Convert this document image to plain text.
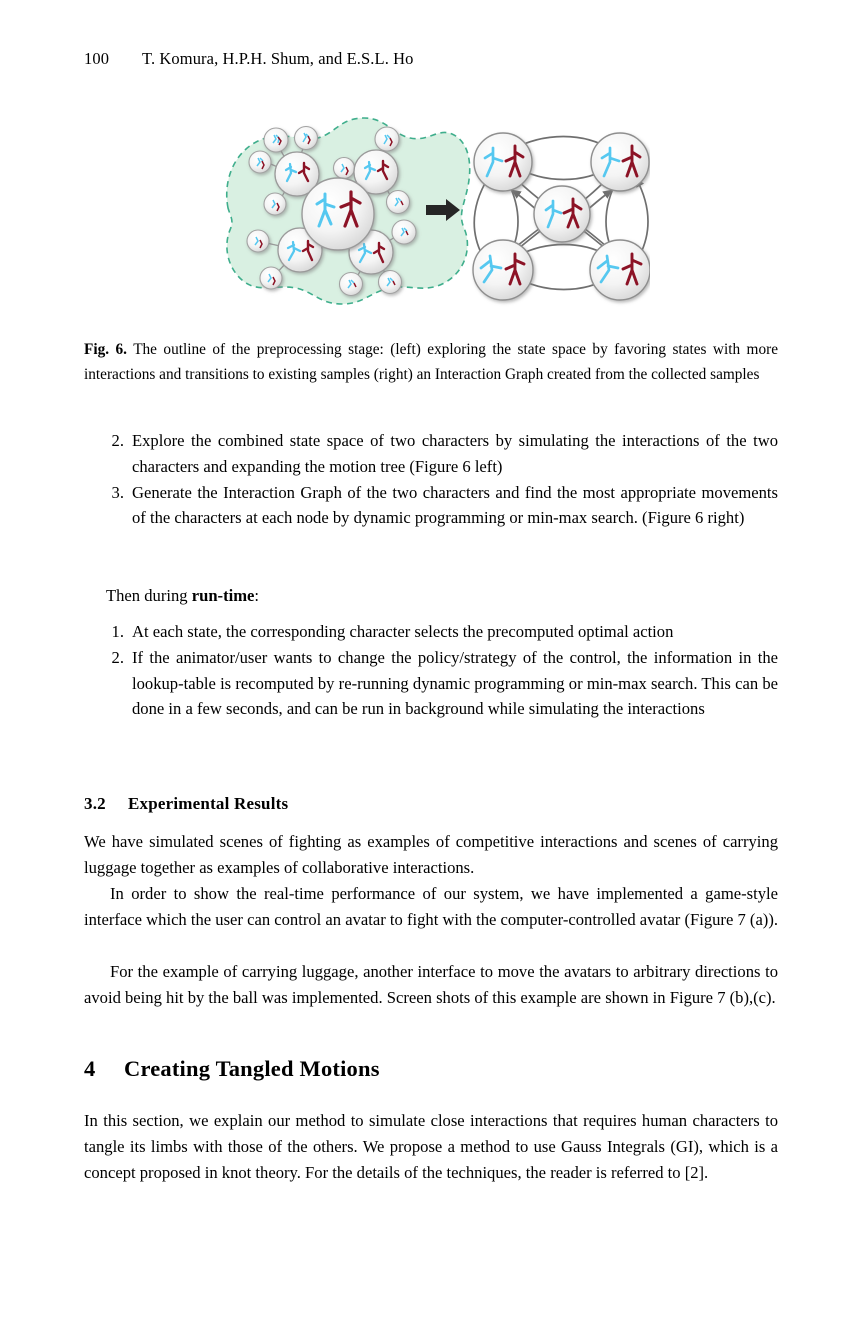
100 T. Komura, H.P.H. Shum, and E.S.L. Ho
Fig. 6. The outline of the preprocessing stage: (left) exploring the state space by favoring states with more interactions and transitions to existing samples (right) an Interaction Graph created from the collected samples
2. Explore the combined state space of two characters by simulating the interactions of the two characters and expanding the motion tree (Figure 6 left)
3. Generate the Interaction Graph of the two characters and find the most appropriate movements of the characters at each node by dynamic programming or min-max search. (Figure 6 right)
Then during run-time:
1. At each state, the corresponding character selects the precomputed optimal action
2. If the animator/user wants to change the policy/strategy of the control, the information in the lookup-table is recomputed by re-running dynamic programming or min-max search. This can be done in a few seconds, and can be run in background while simulating the interactions
3.2 Experimental Results

We have simulated scenes of fighting as examples of competitive interactions and scenes of carrying luggage together as examples of collaborative interactions.

In order to show the real-time performance of our system, we have implemented a game-style interface which the user can control an avatar to fight with the computer-controlled avatar (Figure 7 (a)).

For the example of carrying luggage, another interface to move the avatars to arbitrary directions to avoid being hit by the ball was implemented. Screen shots of this example are shown in Figure 7 (b),(c).

4 Creating Tangled Motions

In this section, we explain our method to simulate close interactions that requires human characters to tangle its limbs with those of the others. We propose a method to use Gauss Integrals (GI), which is a concept proposed in knot theory. For the details of the techniques, the reader is referred to [2].
